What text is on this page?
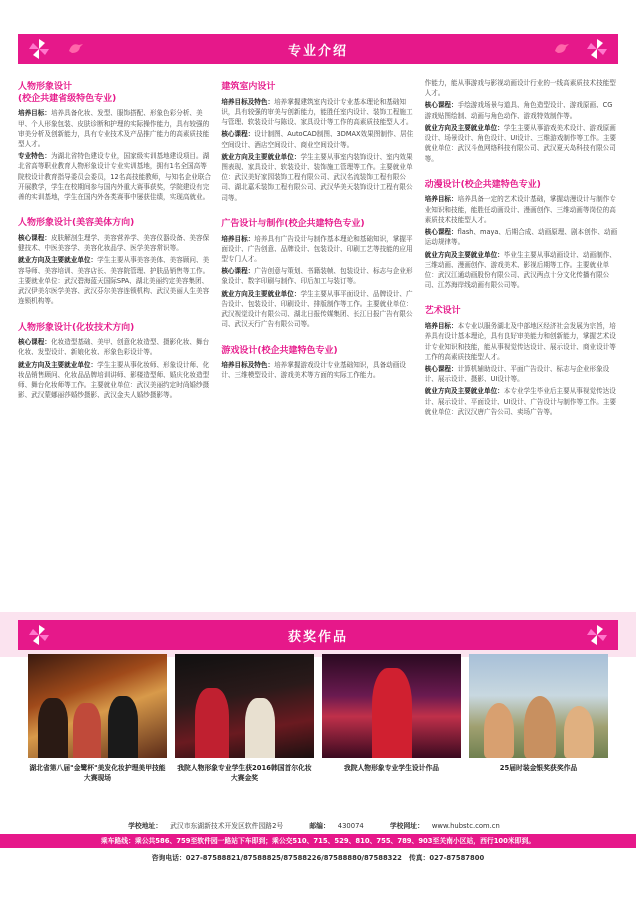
专业介绍
人物形象设计
(校企共建省级特色专业)

培养目标：培养具备化妆、发型、服饰搭配、形象色彩分析、美甲、个人形象包装、皮肤诊断和护理的实际操作能力，具有较强的审美分析及创新能力，具有专业技术及产品推广能力的高素质技能型人才。

专业特色：为湖北省特色建设专业，国家级实训基地建设项目。湖北省高等职业教育人物形象设计专业实训基地，拥有1名全国高等院校设计教育指导委员会委员，12名高技能教师，与知名企业联合开展教学，学生在校期间参与国内外重大赛事获奖，学院建设有完善的实训基地，学生在国内外各类赛事中屡获佳绩，实现高就业。

人物形象设计(美容美体方向)

核心课程：皮肤解剖生理学、美容营养学、美容仪器设备、美容保健技术、中医美容学、美容化妆品学、医学美容常识等。

就业方向及主要就业单位：学生主要从事美容美体、美容顾问、美容导师、美容培训、美容店长、美容院管理、护肤品销售等工作。主要就业单位：武汉碧海蓝天国际SPA、湖北美丽约定美容集团、武汉伊美尔医学美容、武汉芬尔美容连锁机构、武汉美丽人生美容连锁机构等。

人物形象设计(化妆技术方向)

核心课程：化妆造型基础、美甲、创意化妆造型、摄影化妆、舞台化妆、发型设计、新娘化妆、形象色彩设计等。

就业方向及主要就业单位：学生主要从事化妆师、形象设计师、化妆品销售顾问、化妆品品牌培训讲师、影楼造型师、婚庆化妆造型师、舞台化妆师等工作。主要就业单位：武汉美丽约定时尚婚纱摄影、武汉蒙娜丽莎婚纱摄影、武汉金夫人婚纱摄影等。

建筑室内设计

培养目标及特色：培养掌握建筑室内设计专业基本理论和基础知识，具有较强的审美与创新能力，能胜任室内设计、装饰工程施工与管理、软装设计与陈设、家具设计等工作的高素质技能型人才。

核心课程：设计制图、AutoCAD制图、3DMAX效果图制作、居住空间设计、酒店空间设计、商业空间设计等。

就业方向及主要就业单位：学生主要从事室内装饰设计、室内效果图表现、家具设计、软装设计、装饰施工管理等工作。主要就业单位：武汉美好家园装饰工程有限公司、武汉名流装饰工程有限公司、湖北嘉禾装饰工程有限公司、武汉华美天装饰设计工程有限公司等。

广告设计与制作(校企共建特色专业)

培养目标：培养具有广告设计与制作基本理论和基础知识，掌握平面设计、广告创意、品牌设计、包装设计、印刷工艺等技能的应用型专门人才。

核心课程：广告创意与策划、书籍装帧、包装设计、标志与企业形象设计、数字印刷与制作、印后加工与装订等。

就业方向及主要就业单位：学生主要从事平面设计、品牌设计、广告设计、包装设计、印刷设计、排版制作等工作。主要就业单位：武汉视觉设计有限公司、湖北日报传媒集团、长江日报广告有限公司、武汉天行广告有限公司等。

游戏设计(校企共建特色专业)

培养目标及特色：培养掌握游戏设计专业基础知识，具备动画设计、三维模型设计、游戏美术等方面的实际工作能力。

作能力，能从事游戏与影视动画设计行业的一线高素质技术技能型人才。

核心课程：手绘游戏场景与道具、角色造型设计、游戏原画、CG游戏贴图绘制、动画与角色动作、游戏特效制作等。

就业方向及主要就业单位：学生主要从事游戏美术设计、游戏原画设计、场景设计、角色设计、UI设计、三维游戏制作等工作。主要就业单位：武汉斗鱼网络科技有限公司、武汉夏天岛科技有限公司等。

动漫设计(校企共建特色专业)

培养目标：培养具备一定的艺术设计基础，掌握动漫设计与制作专业知识和技能，能胜任动画设计、漫画创作、三维动画等岗位的高素质技术技能型人才。

核心课程：flash、maya、后期合成、动画原理、剧本创作、动画运动规律等。

就业方向及主要就业单位：毕业生主要从事动画设计、动画制作、三维动画、漫画创作、游戏美术、影视后期等工作。主要就业单位：武汉江通动画股份有限公司、武汉两点十分文化传播有限公司、江苏海岸线动画有限公司等。

艺术设计

培养目标：本专业以服务湖北及中部地区经济社会发展为宗旨，培养具有设计基本理论，具有良好审美能力和创新能力，掌握艺术设计专业知识和技能，能从事视觉传达设计、展示设计、商业设计等工作的高素质技能型人才。

核心课程：计算机辅助设计、平面广告设计、标志与企业形象设计、展示设计、摄影、UI设计等。

就业方向及主要就业单位：本专业学生毕业后主要从事视觉传达设计、展示设计、平面设计、UI设计、广告设计与制作等工作。主要就业单位：武汉汉唐广告公司、卖场广告等。

获奖作品
湖北省第八届"金鹭杯"美发化妆护理美甲技能大赛现场
我院人物形象专业学生获2016韩国首尔化妆大赛金奖
我院人物形象专业学生设计作品	25届时装金银奖获奖作品
学校地址： 武汉市东湖新技术开发区软件园路2号	邮编： 430074	学校网址： www.hubstc.com.cn
乘车路线：乘公共586、759至软件园一路站下车即到；乘公交510、715、529、810、755、789、903至关南小区站，西行100米即到。
咨询电话：027-87588821/87588825/87588226/87588880/87588322 传真：027-87587800
